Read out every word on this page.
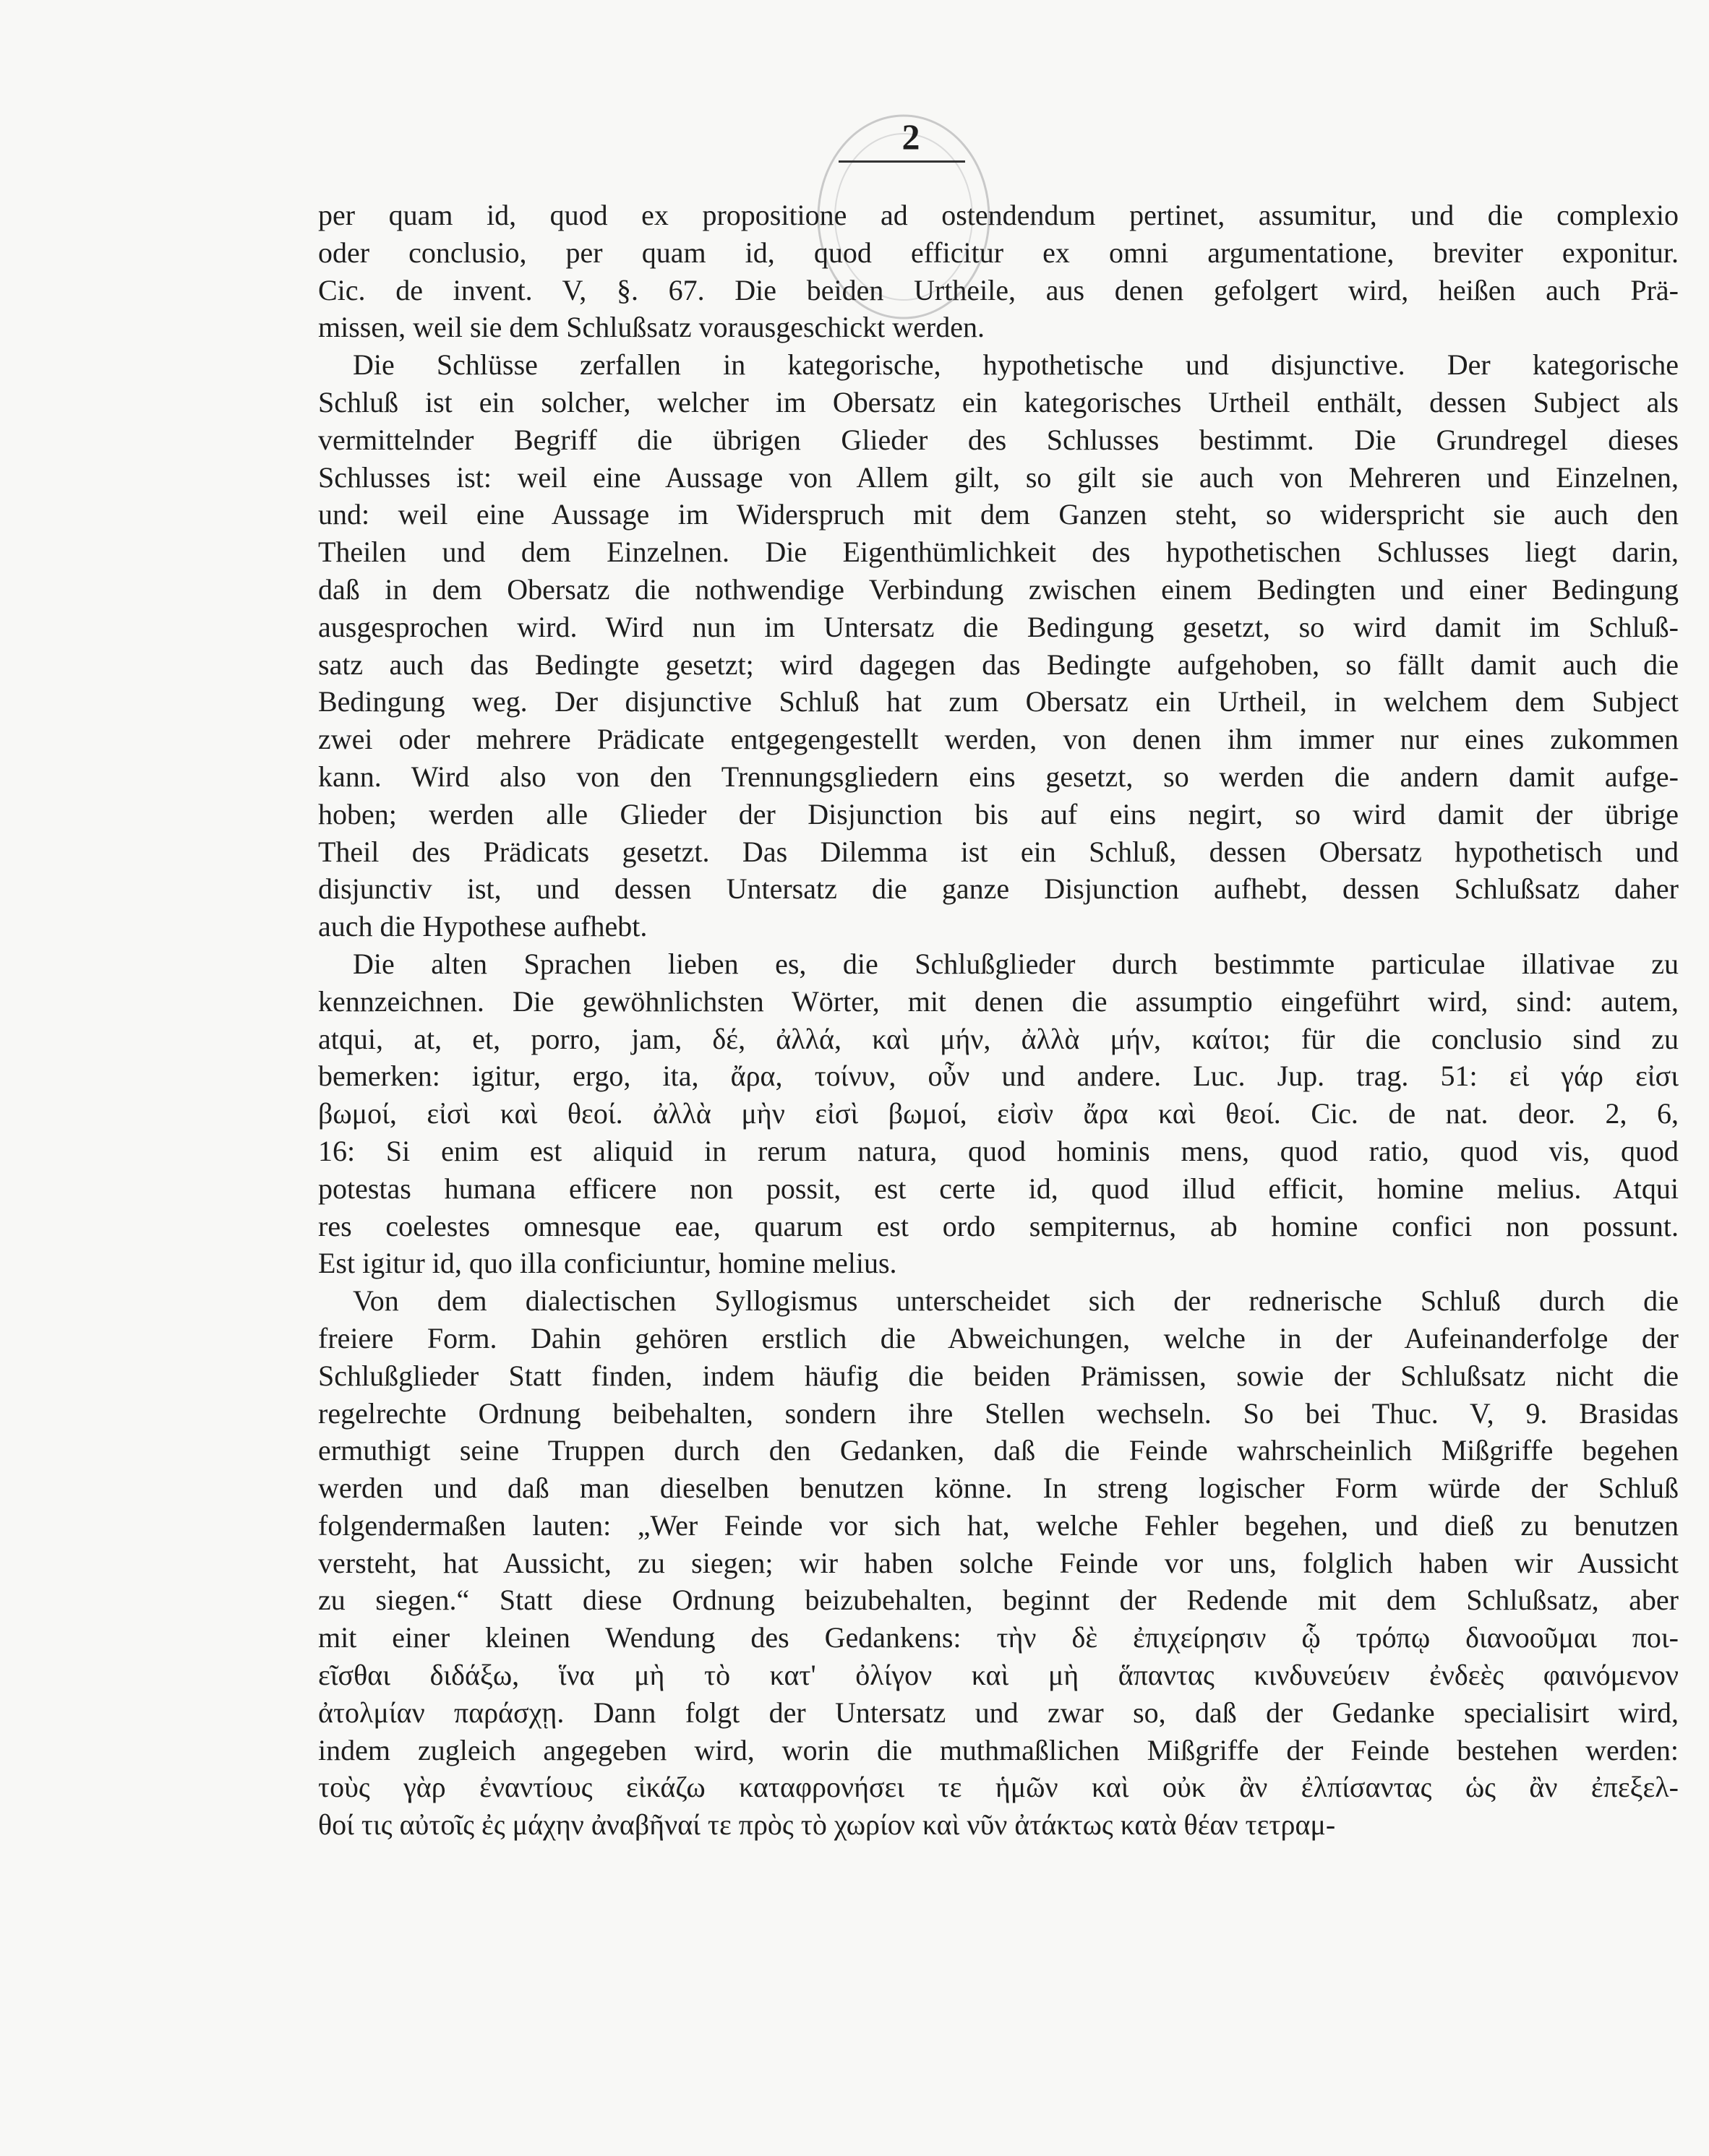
2
per quam id, quod ex propositione ad ostendendum pertinet, assumitur, und die complexio
oder conclusio, per quam id, quod efficitur ex omni argumentatione, breviter exponitur.
Cic. de invent. V, §. 67. Die beiden Urtheile, aus denen gefolgert wird, heißen auch Prä-
missen, weil sie dem Schlußsatz vorausgeschickt werden.
Die Schlüsse zerfallen in kategorische, hypothetische und disjunctive. Der kategorische
Schluß ist ein solcher, welcher im Obersatz ein kategorisches Urtheil enthält, dessen Subject als
vermittelnder Begriff die übrigen Glieder des Schlusses bestimmt. Die Grundregel dieses
Schlusses ist: weil eine Aussage von Allem gilt, so gilt sie auch von Mehreren und Einzelnen,
und: weil eine Aussage im Widerspruch mit dem Ganzen steht, so widerspricht sie auch den
Theilen und dem Einzelnen. Die Eigenthümlichkeit des hypothetischen Schlusses liegt darin,
daß in dem Obersatz die nothwendige Verbindung zwischen einem Bedingten und einer Bedingung
ausgesprochen wird. Wird nun im Untersatz die Bedingung gesetzt, so wird damit im Schluß-
satz auch das Bedingte gesetzt; wird dagegen das Bedingte aufgehoben, so fällt damit auch die
Bedingung weg. Der disjunctive Schluß hat zum Obersatz ein Urtheil, in welchem dem Subject
zwei oder mehrere Prädicate entgegengestellt werden, von denen ihm immer nur eines zukommen
kann. Wird also von den Trennungsgliedern eins gesetzt, so werden die andern damit aufge-
hoben; werden alle Glieder der Disjunction bis auf eins negirt, so wird damit der übrige
Theil des Prädicats gesetzt. Das Dilemma ist ein Schluß, dessen Obersatz hypothetisch und
disjunctiv ist, und dessen Untersatz die ganze Disjunction aufhebt, dessen Schlußsatz daher
auch die Hypothese aufhebt.
Die alten Sprachen lieben es, die Schlußglieder durch bestimmte particulae illativae zu
kennzeichnen. Die gewöhnlichsten Wörter, mit denen die assumptio eingeführt wird, sind: autem,
atqui, at, et, porro, jam, δέ, ἀλλά, καὶ μήν, ἀλλὰ μήν, καίτοι; für die conclusio sind zu
bemerken: igitur, ergo, ita, ἄρα, τοίνυν, οὖν und andere. Luc. Jup. trag. 51: εἰ γάρ εἰσι
βωμοί, εἰσὶ καὶ θεοί. ἀλλὰ μὴν εἰσὶ βωμοί, εἰσὶν ἄρα καὶ θεοί. Cic. de nat. deor. 2, 6,
16: Si enim est aliquid in rerum natura, quod hominis mens, quod ratio, quod vis, quod
potestas humana efficere non possit, est certe id, quod illud efficit, homine melius. Atqui
res coelestes omnesque eae, quarum est ordo sempiternus, ab homine confici non possunt.
Est igitur id, quo illa conficiuntur, homine melius.
Von dem dialectischen Syllogismus unterscheidet sich der rednerische Schluß durch die
freiere Form. Dahin gehören erstlich die Abweichungen, welche in der Aufeinanderfolge der
Schlußglieder Statt finden, indem häufig die beiden Prämissen, sowie der Schlußsatz nicht die
regelrechte Ordnung beibehalten, sondern ihre Stellen wechseln. So bei Thuc. V, 9. Brasidas
ermuthigt seine Truppen durch den Gedanken, daß die Feinde wahrscheinlich Mißgriffe begehen
werden und daß man dieselben benutzen könne. In streng logischer Form würde der Schluß
folgendermaßen lauten: „Wer Feinde vor sich hat, welche Fehler begehen, und dieß zu benutzen
versteht, hat Aussicht, zu siegen; wir haben solche Feinde vor uns, folglich haben wir Aussicht
zu siegen.“ Statt diese Ordnung beizubehalten, beginnt der Redende mit dem Schlußsatz, aber
mit einer kleinen Wendung des Gedankens: τὴν δὲ ἐπιχείρησιν ᾧ τρόπῳ διανοοῦμαι ποι-
εῖσθαι διδάξω, ἵνα μὴ τὸ κατ' ὀλίγον καὶ μὴ ἅπαντας κινδυνεύειν ἐνδεὲς φαινόμενον
ἀτολμίαν παράσχῃ. Dann folgt der Untersatz und zwar so, daß der Gedanke specialisirt wird,
indem zugleich angegeben wird, worin die muthmaßlichen Mißgriffe der Feinde bestehen werden:
τοὺς γὰρ ἐναντίους εἰκάζω καταφρονήσει τε ἡμῶν καὶ οὐκ ἂν ἐλπίσαντας ὡς ἂν ἐπεξελ-
θοί τις αὐτοῖς ἐς μάχην ἀναβῆναί τε πρὸς τὸ χωρίον καὶ νῦν ἀτάκτως κατὰ θέαν τετραμ-
